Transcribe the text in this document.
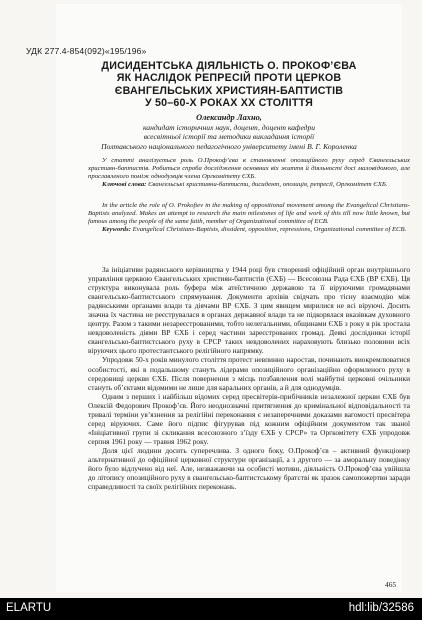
УДК 277.4-854(092)«195/196»
ДИСИДЕНТСЬКА ДІЯЛЬНІСТЬ О. ПРОКОФ’ЄВА
ЯК НАСЛІДОК РЕПРЕСІЙ ПРОТИ ЦЕРКОВ
ЄВАНГЕЛЬСЬКИХ ХРИСТИЯН-БАПТИСТІВ
У 50–60-Х РОКАХ ХХ СТОЛІТТЯ
Олександр Лахно,
кандидат історичних наук, доцент, доцент кафедри
всесвітньої історії та методики викладання історії
Полтавського національного педагогічного університету імені В. Г. Короленка

У статті аналізується роль О.Прокоф’єва в становленні опозиційного руху серед Євангельських християн-баптистів. Робиться спроба дослідження основних віх життя й діяльності досі маловідомого, але прославленого поміж однодумців члена Оргкомітету ЄХБ.

Ключові слова: Євангельські християни-баптисти, дисидент, опозиція, репресії, Оргкомітет ЄХБ.

In the article the role of O. Prokofiev in the making of oppositional movement among the Evangelical Christians-Baptists analyzed. Makes an attempt to research the main milestones of life and work of this till now little known, but famous among the people of the same faith, member of Organizational committee of ECB.

Keywords: Evangelical Christians-Baptists, dissident, opposition, repressions, Organizational committee of ECB.

За ініціативи радянського керівництва у 1944 році був створений офіційний орган внутрішнього управління церквою Євангельських християн-баптистів (ЄХБ) — Всесоюзна Рада ЄХБ (ВР ЄХБ). Ця структура виконувала роль буфера між атеїстичною державою та її віруючими громадянами євангельсько-баптистського спрямування. Документи архівів свідчать про тісну взаємодію між радянськими органами влади та діячами ВР ЄХБ. З цим явищем мирилися не всі віруючі. Досить значна їх частина не реєструвалася в органах державної влади та не підкорялася вказівкам духовного центру. Разом з такими незареєстрованими, тобто нелегальними, общинами ЄХБ з року в рік зростала невдоволеність діями ВР ЄХБ і серед частини зареєстрованих громад. Деякі дослідники історії євангельсько-баптистського руху в СРСР таких невдоволених нараховують близько половини всіх віруючих цього протестантського релігійного напрямку.

Упродовж 50-х років минулого століття протест невпинно наростав, починають виокремлюватися особистості, які в подальшому стануть лідерами опозиційного організаційно оформленого руху в середовищі церкви ЄХБ. Після повернення з місць позбавлення волі майбутні церковні очільники стануть об’єктами відомими не лише для каральних органів, а й для однодумців.

Одним з перших і найбільш відомих серед пресвітерів-прибічників незалежної церкви ЄХБ був Олексій Федорович Прокоф’єв. Його неоднозначні притягнення до кримінальної відповідальності та тривалі терміни ув’язнення за релігійні переконання є незаперечними доказами вагомості пресвітера серед віруючих. Саме його підпис фігурував під кожним офіційним документом так званої «Ініціативної групи зі скликання всесоюзного з’їзду ЄХБ у СРСР» та Оргкомітету ЄХБ упродовж серпня 1961 року — травня 1962 року.

Доля цієї людини досить суперечлива. З одного боку, О.Прокоф’єв – активний функціонер альтернативної до офіційної церковної структури організації, а з другого — за аморальну поведінку його було відлучено від неї. Але, незважаючи на особисті мотиви, діяльність О.Прокоф’єва увійшла до літопису опозиційного руху в євангельсько-баптистському братстві як зразок самопожертви заради справедливості та своїх релігійних переконань.

465
ELARTU	hdl:lib/32586
